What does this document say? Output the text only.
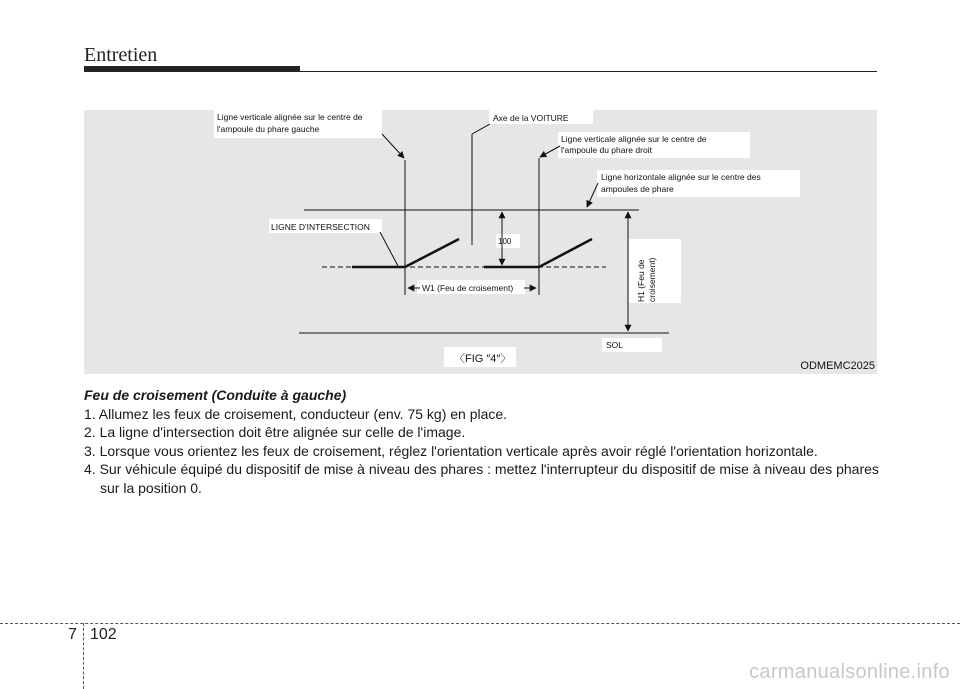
Entretien
Ligne verticale alignée sur le centre de
l'ampoule du phare gauche
Axe de la VOITURE
Ligne verticale alignée sur le centre de
l'ampoule du phare droit
Ligne horizontale alignée sur le centre des
ampoules de phare
LIGNE D'INTERSECTION
100
W1 (Feu de croisement)	H1 (Feu de croisement)
SOL
〈FIG ″4″〉
ODMEMC2025
Feu de croisement (Conduite à gauche)
1. Allumez les feux de croisement, conducteur (env. 75 kg) en place.
2. La ligne d'intersection doit être alignée sur celle de l'image.
3. Lorsque vous orientez les feux de croisement, réglez l'orientation verticale après avoir réglé l'orientation horizontale.
4. Sur véhicule équipé du dispositif de mise à niveau des phares : mettez l'interrupteur du dispositif de mise à niveau des phares sur la position 0.
7 102
carmanualsonline.info
